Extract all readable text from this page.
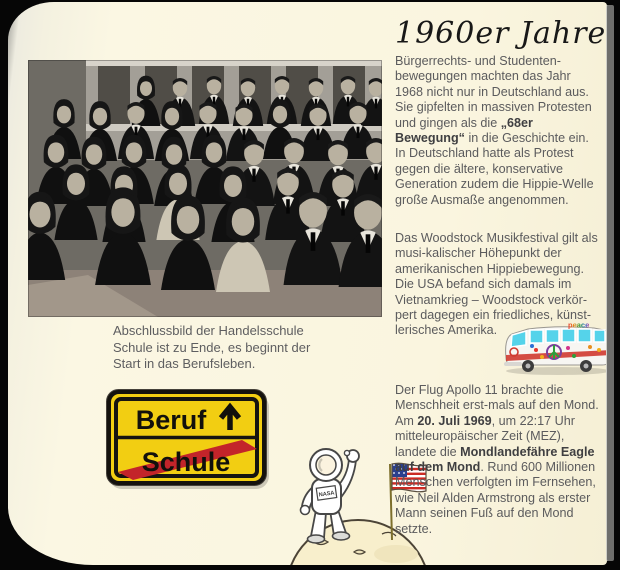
Abschlussbild der Handelsschule
Schule ist zu Ende, es beginnt der
Start in das Berufsleben.
Beruf
Schule
NASA
peace
1960er Jahre
Bürgerrechts- und Studenten-
bewegungen machten das Jahr
1968 nicht nur in Deutschland aus.
Sie gipfelten in massiven Protesten
und gingen als die „68er
Bewegung“ in die Geschichte ein.
In Deutschland hatte als Protest
gegen die ältere, konservative
Generation zudem die Hippie-Welle
große Ausmaße angenommen.
Das Woodstock Musikfestival gilt als
musi-kalischer Höhepunkt der
amerikanischen Hippiebewegung.
Die USA befand sich damals im
Vietnamkrieg – Woodstock verkör-
pert dagegen ein friedliches, künst-
lerisches Amerika.
Der Flug Apollo 11 brachte die
Menschheit erst-mals auf den Mond.
Am 20. Juli 1969, um 22:17 Uhr
mitteleuropäischer Zeit (MEZ),
landete die Mondlandefähre Eagle
auf dem Mond. Rund 600 Millionen
Menschen verfolgten im Fernsehen,
wie Neil Alden Armstrong als erster
Mann seinen Fuß auf den Mond
setzte.
